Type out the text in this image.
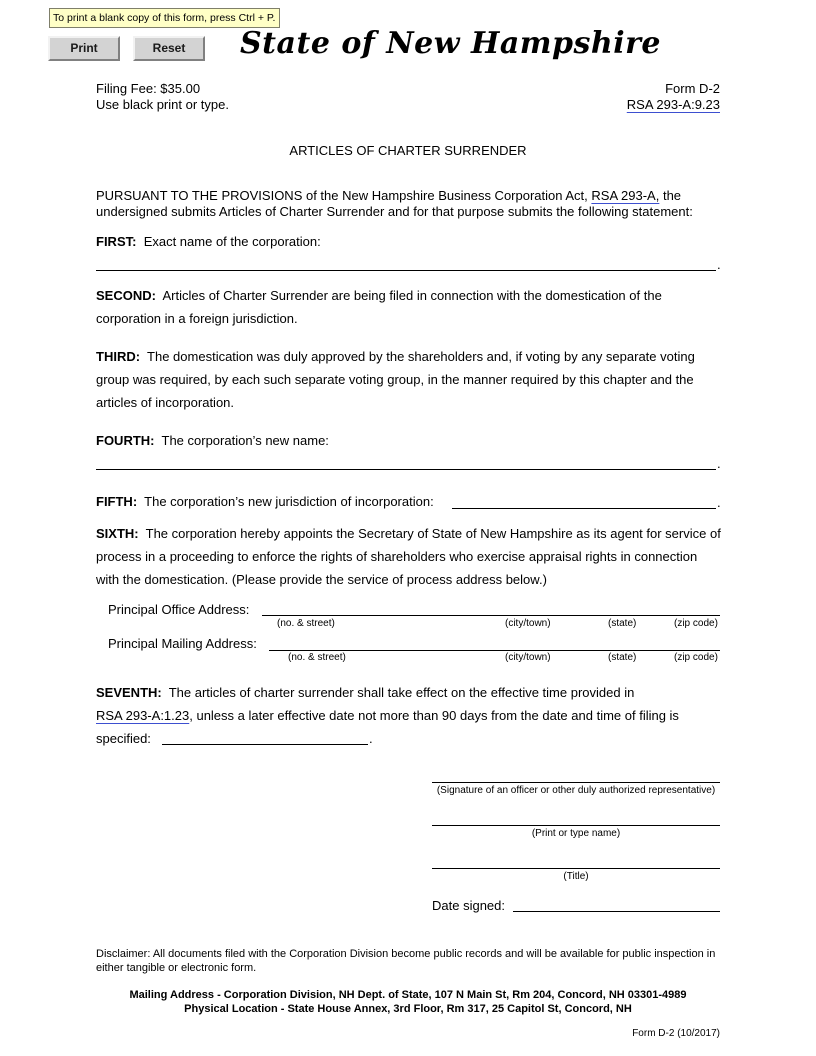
To print a blank copy of this form, press Ctrl + P.
Print	Reset	State of New Hampshire
Filing Fee: $35.00
Use black print or type.
Form D-2
RSA 293-A:9.23
ARTICLES OF CHARTER SURRENDER

PURSUANT TO THE PROVISIONS of the New Hampshire Business Corporation Act, RSA 293-A, the undersigned submits Articles of Charter Surrender and for that purpose submits the following statement:

FIRST: Exact name of the corporation:
.

SECOND: Articles of Charter Surrender are being filed in connection with the domestication of the corporation in a foreign jurisdiction.

THIRD: The domestication was duly approved by the shareholders and, if voting by any separate voting group was required, by each such separate voting group, in the manner required by this chapter and the articles of incorporation.

FOURTH: The corporation’s new name:
.
FIFTH: The corporation’s new jurisdiction of incorporation:	.

SIXTH: The corporation hereby appoints the Secretary of State of New Hampshire as its agent for service of process in a proceeding to enforce the rights of shareholders who exercise appraisal rights in connection with the domestication. (Please provide the service of process address below.)

Principal Office Address:
(no. & street)	(city/town)	(state)	(zip code)
Principal Mailing Address:
(no. & street)	(city/town)	(state)	(zip code)
SEVENTH: The articles of charter surrender shall take effect on the effective time provided in
RSA 293-A:1.23, unless a later effective date not more than 90 days from the date and time of filing is
specified:	.
(Signature of an officer or other duly authorized representative)
(Print or type name)
(Title)
Date signed:

Disclaimer: All documents filed with the Corporation Division become public records and will be available for public inspection in either tangible or electronic form.

Mailing Address - Corporation Division, NH Dept. of State, 107 N Main St, Rm 204, Concord, NH 03301-4989
Physical Location - State House Annex, 3rd Floor, Rm 317, 25 Capitol St, Concord, NH
Form D-2 (10/2017)
